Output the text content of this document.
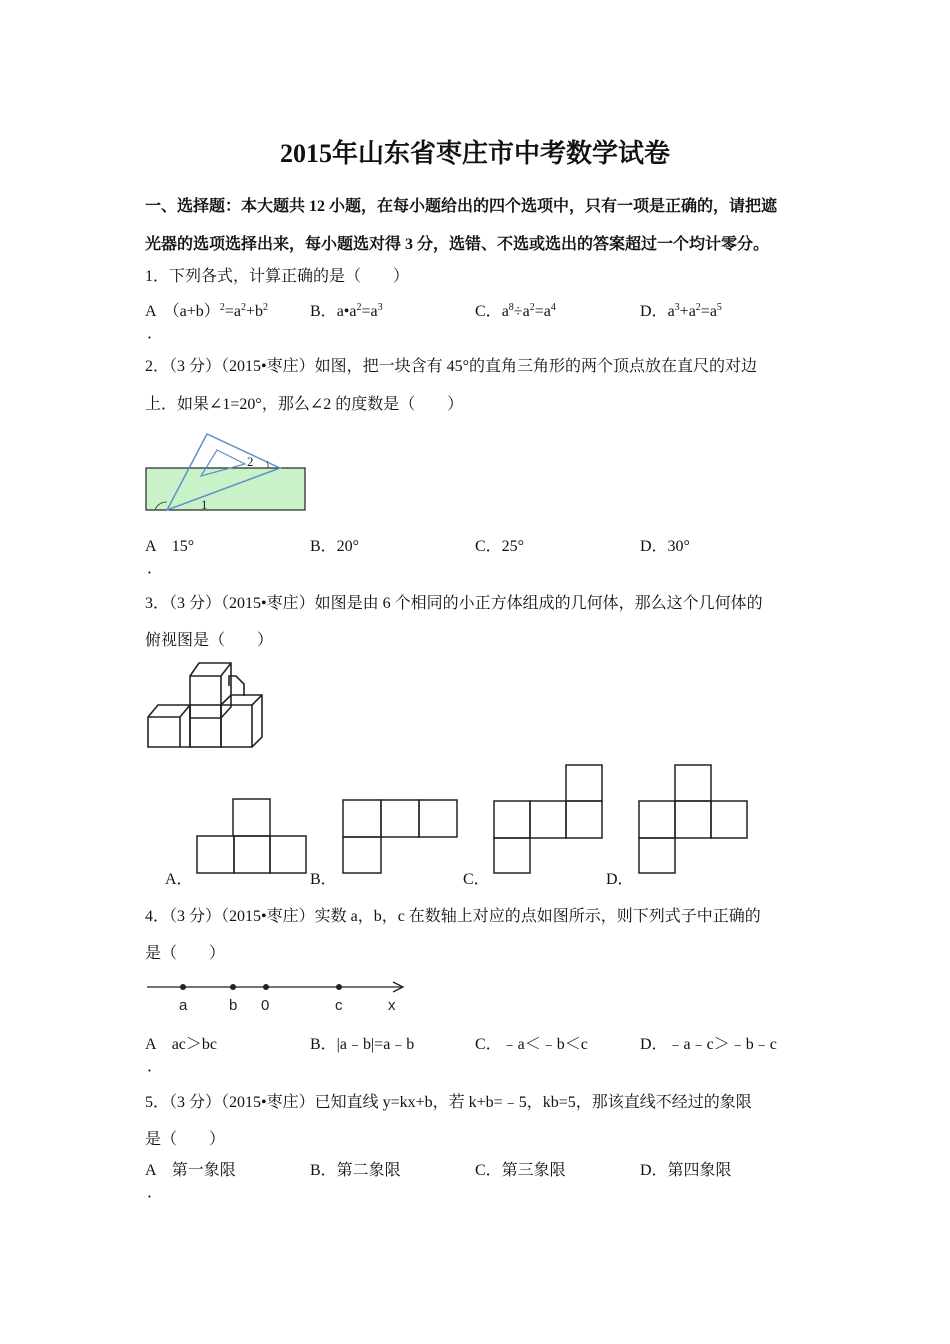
2015年山东省枣庄市中考数学试卷
一、选择题：本大题共 12 小题，在每小题给出的四个选项中，只有一项是正确的，请把遮
光器的选项选择出来，每小题选对得 3 分，选错、不选或选出的答案超过一个均计零分。
1．下列各式，计算正确的是（　　）
A　$(a+b)^2=a^2+b^2$
．
B．$a•a^2=a^3$	C．$a^8\div a^2=a^4$	D．$a^3+a^2=a^5$
2．（3 分）（2015•枣庄）如图，把一块含有 45°的直角三角形的两个顶点放在直尺的对边
上．如果∠1=20°，那么∠2 的度数是（　　）
1
2
A　 15°
．
B．20°	C．25°	D．30°
3．（3 分）（2015•枣庄）如图是由 6 个相同的小正方体组成的几何体，那么这个几何体的
俯视图是（　　）
A．	B．	C．	D．
4．（3 分）（2015•枣庄）实数 a，b，c 在数轴上对应的点如图所示，则下列式子中正确的
是（　　）
a	b 0	c	x
A　 ac＞bc
．
B．|a﹣b|=a﹣b	C．﹣a＜﹣b＜c	D．﹣a﹣c＞﹣b﹣c
5．（3 分）（2015•枣庄）已知直线 y=kx+b，若 k+b=﹣5，kb=5，那该直线不经过的象限
是（　　）
A　 第一象限
．
B．第二象限	C．第三象限	D．第四象限
